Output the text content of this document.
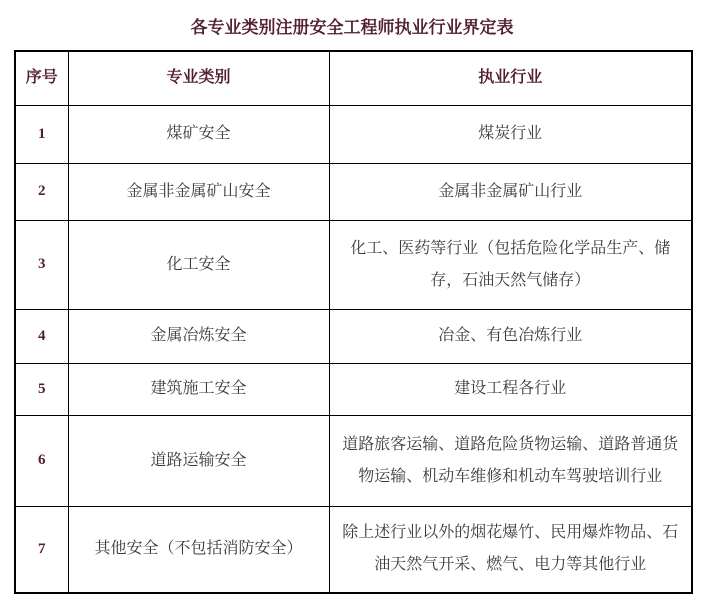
各专业类别注册安全工程师执业行业界定表
序号	专业类别	执业行业
1	煤矿安全	煤炭行业
2	金属非金属矿山安全	金属非金属矿山行业
3	化工安全	化工、医药等行业（包括危险化学品生产、储存，石油天然气储存）
4	金属冶炼安全	冶金、有色冶炼行业
5	建筑施工安全	建设工程各行业
6	道路运输安全	道路旅客运输、道路危险货物运输、道路普通货物运输、机动车维修和机动车驾驶培训行业
7	其他安全（不包括消防安全）	除上述行业以外的烟花爆竹、民用爆炸物品、石油天然气开采、燃气、电力等其他行业
